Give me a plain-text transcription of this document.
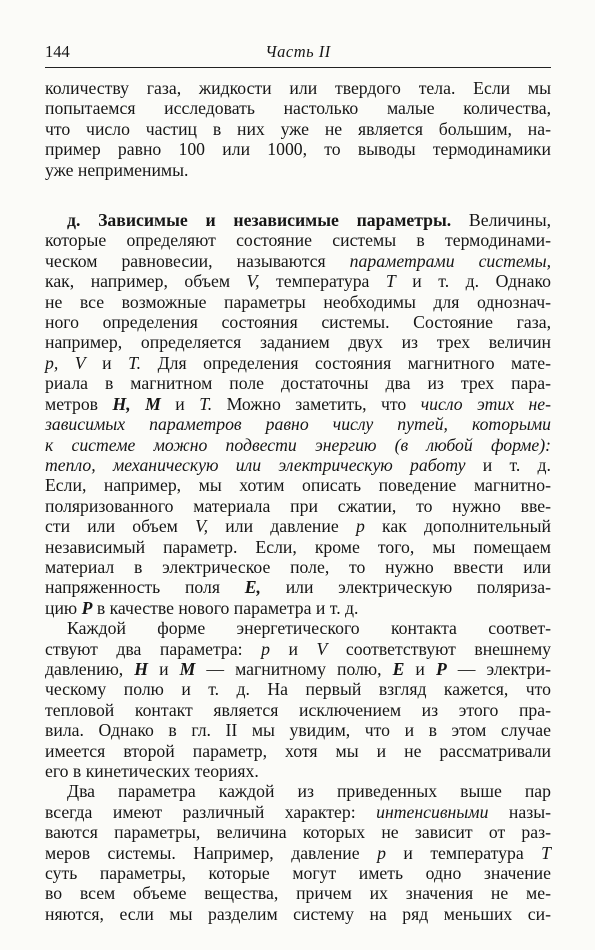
144	Часть II
количеству газа, жидкости или твердого тела. Если мы
попытаемся исследовать настолько малые количества,
что число частиц в них уже не является большим, на-
пример равно 100 или 1000, то выводы термодинамики
уже неприменимы.
д. Зависимые и независимые параметры. Величины,
которые определяют состояние системы в термодинами-
ческом равновесии, называются параметрами системы,
как, например, объем V, температура T и т. д. Однако
не все возможные параметры необходимы для однознач-
ного определения состояния системы. Состояние газа,
например, определяется заданием двух из трех величин
p, V и T. Для определения состояния магнитного мате-
риала в магнитном поле достаточны два из трех пара-
метров H, M и T. Можно заметить, что число этих не-
зависимых параметров равно числу путей, которыми
к системе можно подвести энергию (в любой форме):
тепло, механическую или электрическую работу и т. д.
Если, например, мы хотим описать поведение магнитно-
поляризованного материала при сжатии, то нужно вве-
сти или объем V, или давление p как дополнительный
независимый параметр. Если, кроме того, мы помещаем
материал в электрическое поле, то нужно ввести или
напряженность поля E, или электрическую поляриза-
цию P в качестве нового параметра и т. д.
Каждой форме энергетического контакта соответ-
ствуют два параметра: p и V соответствуют внешнему
давлению, H и M — магнитному полю, E и P — электри-
ческому полю и т. д. На первый взгляд кажется, что
тепловой контакт является исключением из этого пра-
вила. Однако в гл. II мы увидим, что и в этом случае
имеется второй параметр, хотя мы и не рассматривали
его в кинетических теориях.
Два параметра каждой из приведенных выше пар
всегда имеют различный характер: интенсивными назы-
ваются параметры, величина которых не зависит от раз-
меров системы. Например, давление p и температура T
суть параметры, которые могут иметь одно значение
во всем объеме вещества, причем их значения не ме-
няются, если мы разделим систему на ряд меньших си-
